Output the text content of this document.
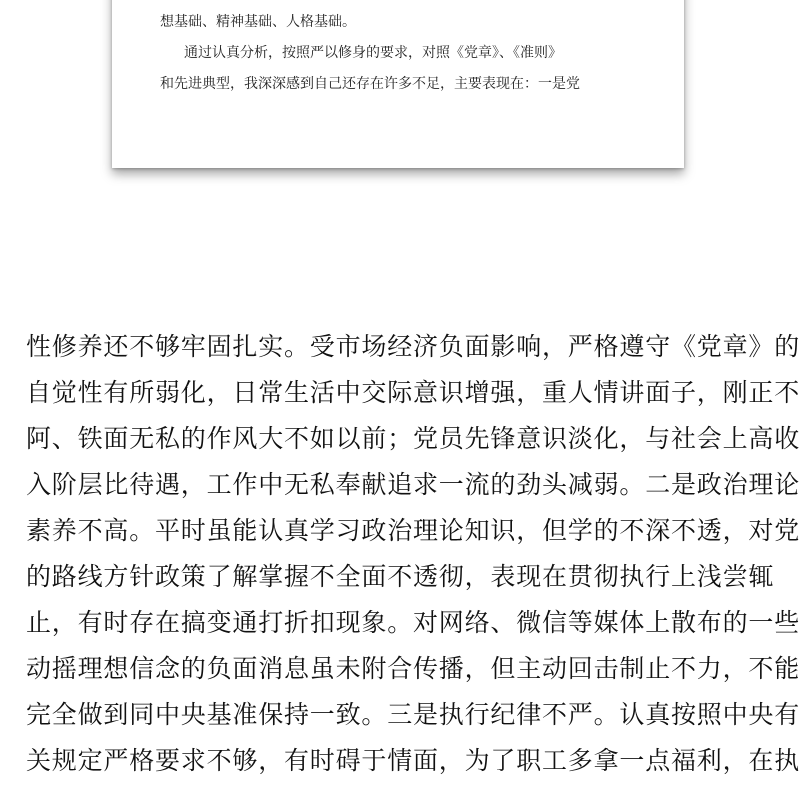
想基础、精神基础、人格基础。
通过认真分析，按照严以修身的要求，对照《党章》、《准则》
和先进典型，我深深感到自己还存在许多不足，主要表现在：一是党
性修养还不够牢固扎实。受市场经济负面影响，严格遵守《党章》的
自觉性有所弱化，日常生活中交际意识增强，重人情讲面子，刚正不
阿、铁面无私的作风大不如以前；党员先锋意识淡化，与社会上高收
入阶层比待遇，工作中无私奉献追求一流的劲头减弱。二是政治理论
素养不高。平时虽能认真学习政治理论知识，但学的不深不透，对党
的路线方针政策了解掌握不全面不透彻，表现在贯彻执行上浅尝辄
止，有时存在搞变通打折扣现象。对网络、微信等媒体上散布的一些
动摇理想信念的负面消息虽未附合传播，但主动回击制止不力，不能
完全做到同中央基准保持一致。三是执行纪律不严。认真按照中央有
关规定严格要求不够，有时碍于情面，为了职工多拿一点福利，在执
